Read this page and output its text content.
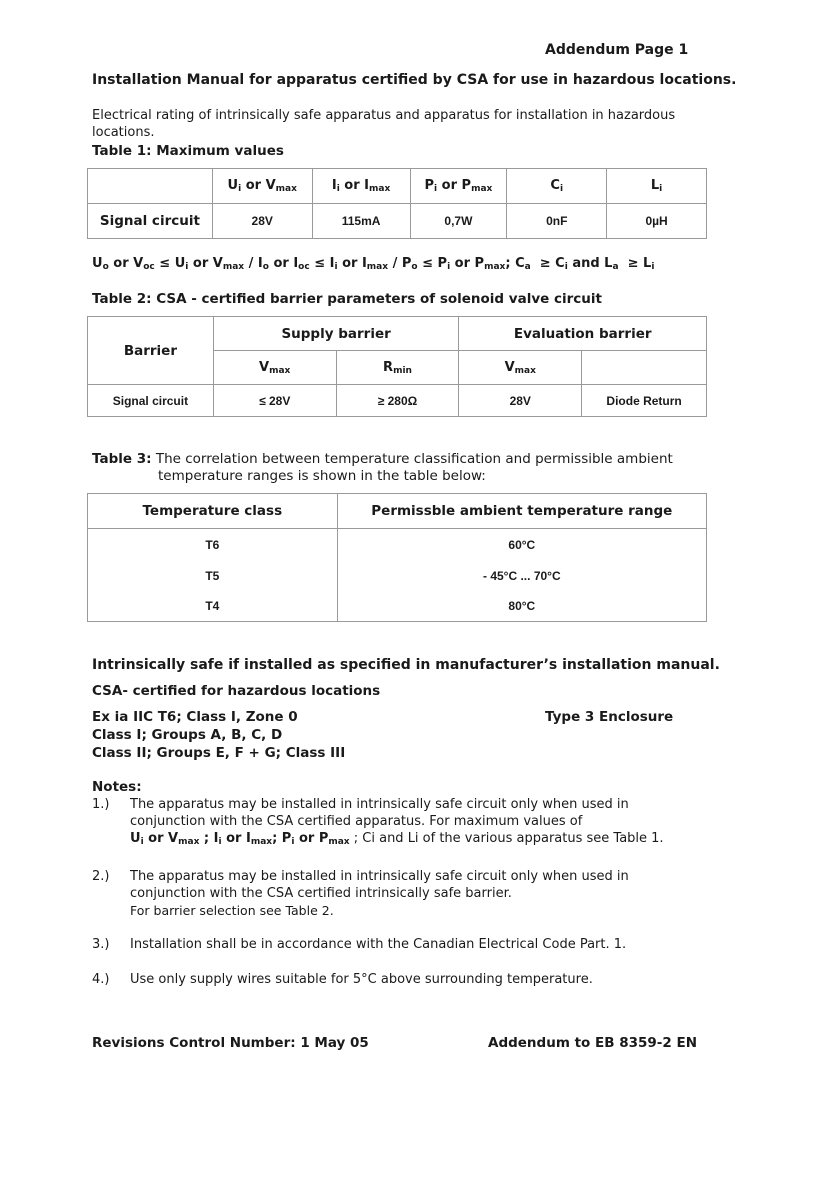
Addendum Page 1
Installation Manual for apparatus certified by CSA for use in hazardous locations.
Electrical rating of intrinsically safe apparatus and apparatus for installation in hazardous locations.
Table 1: Maximum values
	$U_i$ or $V_{max}$	$I_i$ or $I_{max}$	$P_i$ or $P_{max}$	$C_i$	$L_i$
Signal circuit	28V	115mA	0,7W	0nF	0µH
$U_o$ or $V_{oc} \le U_i$ or $V_{max} / I_o$ or $I_{oc} \le I_i$ or $I_{max} / P_o \le P_i$ or $P_{max}$; $C_a \ge C_i$ and $L_a \ge L_i$
Table 2: CSA - certified barrier parameters of solenoid valve circuit
Barrier	Supply barrier		Evaluation barrier	
	$V_{max}$	$R_{min}$	$V_{max}$	
Signal circuit	≤ 28V	≥ 280Ω	28V	Diode Return
Table 3: The correlation between temperature classification and permissible ambient
temperature ranges is shown in the table below:
Temperature class	Permissble ambient temperature range
T6	60°C
T5	- 45°C ... 70°C
T4	80°C
Intrinsically safe if installed as specified in manufacturer’s installation manual.
CSA- certified for hazardous locations
Ex ia IIC T6; Class I, Zone 0	Type 3 Enclosure
Class I; Groups A, B, C, D
Class II; Groups E, F + G; Class III
Notes:
1.) The apparatus may be installed in intrinsically safe circuit only when used in
conjunction with the CSA certified apparatus. For maximum values of
$U_i$ or $V_{max}$ ; $I_i$ or $I_{max}$; $P_i$ or $P_{max}$ ; Ci and Li of the various apparatus see Table 1.
2.) The apparatus may be installed in intrinsically safe circuit only when used in
conjunction with the CSA certified intrinsically safe barrier.
For barrier selection see Table 2.
3.) Installation shall be in accordance with the Canadian Electrical Code Part. 1.
4.) Use only supply wires suitable for 5°C above surrounding temperature.
Revisions Control Number: 1 May 05	Addendum to EB 8359-2 EN
